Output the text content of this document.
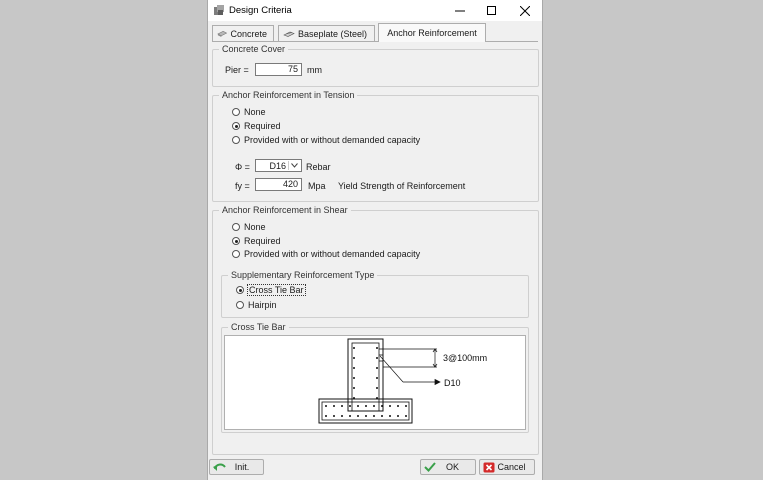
Design Criteria
Concrete	Baseplate (Steel) Anchor Reinforcement
Concrete Cover
Pier =	75	mm
Anchor Reinforcement in Tension
None
Required
Provided with or without demanded capacity
Φ = D16 Rebar
fy =	420	Mpa Yield Strength of Reinforcement
Anchor Reinforcement in Shear
None
Required
Provided with or without demanded capacity
Supplementary Reinforcement Type
Cross Tie Bar
Hairpin
Cross Tie Bar
3@100mm
D10
Init.	OK	Cancel
